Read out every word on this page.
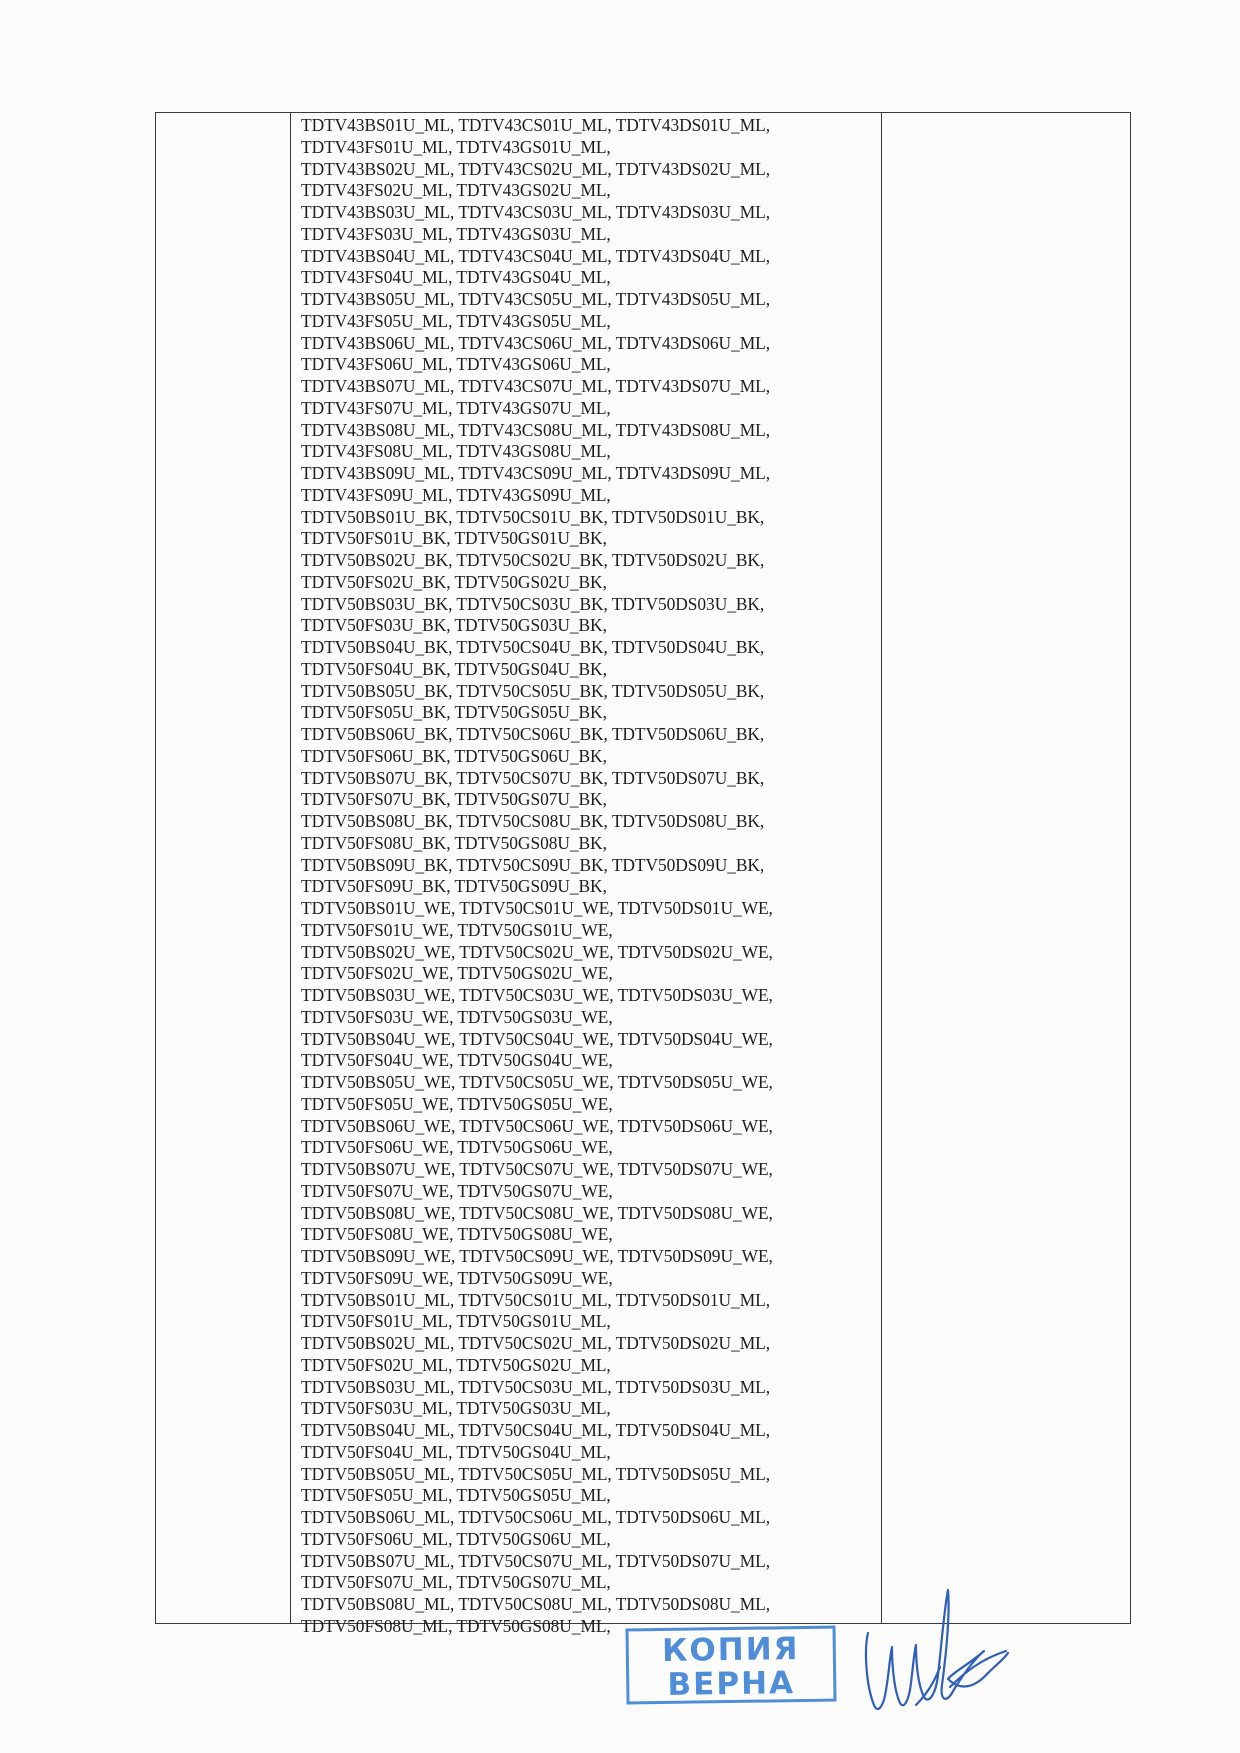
TDTV43BS01U_ML, TDTV43CS01U_ML, TDTV43DS01U_ML,
TDTV43FS01U_ML, TDTV43GS01U_ML,
TDTV43BS02U_ML, TDTV43CS02U_ML, TDTV43DS02U_ML,
TDTV43FS02U_ML, TDTV43GS02U_ML,
TDTV43BS03U_ML, TDTV43CS03U_ML, TDTV43DS03U_ML,
TDTV43FS03U_ML, TDTV43GS03U_ML,
TDTV43BS04U_ML, TDTV43CS04U_ML, TDTV43DS04U_ML,
TDTV43FS04U_ML, TDTV43GS04U_ML,
TDTV43BS05U_ML, TDTV43CS05U_ML, TDTV43DS05U_ML,
TDTV43FS05U_ML, TDTV43GS05U_ML,
TDTV43BS06U_ML, TDTV43CS06U_ML, TDTV43DS06U_ML,
TDTV43FS06U_ML, TDTV43GS06U_ML,
TDTV43BS07U_ML, TDTV43CS07U_ML, TDTV43DS07U_ML,
TDTV43FS07U_ML, TDTV43GS07U_ML,
TDTV43BS08U_ML, TDTV43CS08U_ML, TDTV43DS08U_ML,
TDTV43FS08U_ML, TDTV43GS08U_ML,
TDTV43BS09U_ML, TDTV43CS09U_ML, TDTV43DS09U_ML,
TDTV43FS09U_ML, TDTV43GS09U_ML,
TDTV50BS01U_BK, TDTV50CS01U_BK, TDTV50DS01U_BK,
TDTV50FS01U_BK, TDTV50GS01U_BK,
TDTV50BS02U_BK, TDTV50CS02U_BK, TDTV50DS02U_BK,
TDTV50FS02U_BK, TDTV50GS02U_BK,
TDTV50BS03U_BK, TDTV50CS03U_BK, TDTV50DS03U_BK,
TDTV50FS03U_BK, TDTV50GS03U_BK,
TDTV50BS04U_BK, TDTV50CS04U_BK, TDTV50DS04U_BK,
TDTV50FS04U_BK, TDTV50GS04U_BK,
TDTV50BS05U_BK, TDTV50CS05U_BK, TDTV50DS05U_BK,
TDTV50FS05U_BK, TDTV50GS05U_BK,
TDTV50BS06U_BK, TDTV50CS06U_BK, TDTV50DS06U_BK,
TDTV50FS06U_BK, TDTV50GS06U_BK,
TDTV50BS07U_BK, TDTV50CS07U_BK, TDTV50DS07U_BK,
TDTV50FS07U_BK, TDTV50GS07U_BK,
TDTV50BS08U_BK, TDTV50CS08U_BK, TDTV50DS08U_BK,
TDTV50FS08U_BK, TDTV50GS08U_BK,
TDTV50BS09U_BK, TDTV50CS09U_BK, TDTV50DS09U_BK,
TDTV50FS09U_BK, TDTV50GS09U_BK,
TDTV50BS01U_WE, TDTV50CS01U_WE, TDTV50DS01U_WE,
TDTV50FS01U_WE, TDTV50GS01U_WE,
TDTV50BS02U_WE, TDTV50CS02U_WE, TDTV50DS02U_WE,
TDTV50FS02U_WE, TDTV50GS02U_WE,
TDTV50BS03U_WE, TDTV50CS03U_WE, TDTV50DS03U_WE,
TDTV50FS03U_WE, TDTV50GS03U_WE,
TDTV50BS04U_WE, TDTV50CS04U_WE, TDTV50DS04U_WE,
TDTV50FS04U_WE, TDTV50GS04U_WE,
TDTV50BS05U_WE, TDTV50CS05U_WE, TDTV50DS05U_WE,
TDTV50FS05U_WE, TDTV50GS05U_WE,
TDTV50BS06U_WE, TDTV50CS06U_WE, TDTV50DS06U_WE,
TDTV50FS06U_WE, TDTV50GS06U_WE,
TDTV50BS07U_WE, TDTV50CS07U_WE, TDTV50DS07U_WE,
TDTV50FS07U_WE, TDTV50GS07U_WE,
TDTV50BS08U_WE, TDTV50CS08U_WE, TDTV50DS08U_WE,
TDTV50FS08U_WE, TDTV50GS08U_WE,
TDTV50BS09U_WE, TDTV50CS09U_WE, TDTV50DS09U_WE,
TDTV50FS09U_WE, TDTV50GS09U_WE,
TDTV50BS01U_ML, TDTV50CS01U_ML, TDTV50DS01U_ML,
TDTV50FS01U_ML, TDTV50GS01U_ML,
TDTV50BS02U_ML, TDTV50CS02U_ML, TDTV50DS02U_ML,
TDTV50FS02U_ML, TDTV50GS02U_ML,
TDTV50BS03U_ML, TDTV50CS03U_ML, TDTV50DS03U_ML,
TDTV50FS03U_ML, TDTV50GS03U_ML,
TDTV50BS04U_ML, TDTV50CS04U_ML, TDTV50DS04U_ML,
TDTV50FS04U_ML, TDTV50GS04U_ML,
TDTV50BS05U_ML, TDTV50CS05U_ML, TDTV50DS05U_ML,
TDTV50FS05U_ML, TDTV50GS05U_ML,
TDTV50BS06U_ML, TDTV50CS06U_ML, TDTV50DS06U_ML,
TDTV50FS06U_ML, TDTV50GS06U_ML,
TDTV50BS07U_ML, TDTV50CS07U_ML, TDTV50DS07U_ML,
TDTV50FS07U_ML, TDTV50GS07U_ML,
TDTV50BS08U_ML, TDTV50CS08U_ML, TDTV50DS08U_ML,
TDTV50FS08U_ML, TDTV50GS08U_ML,
КОПИЯ
ВЕРНА
